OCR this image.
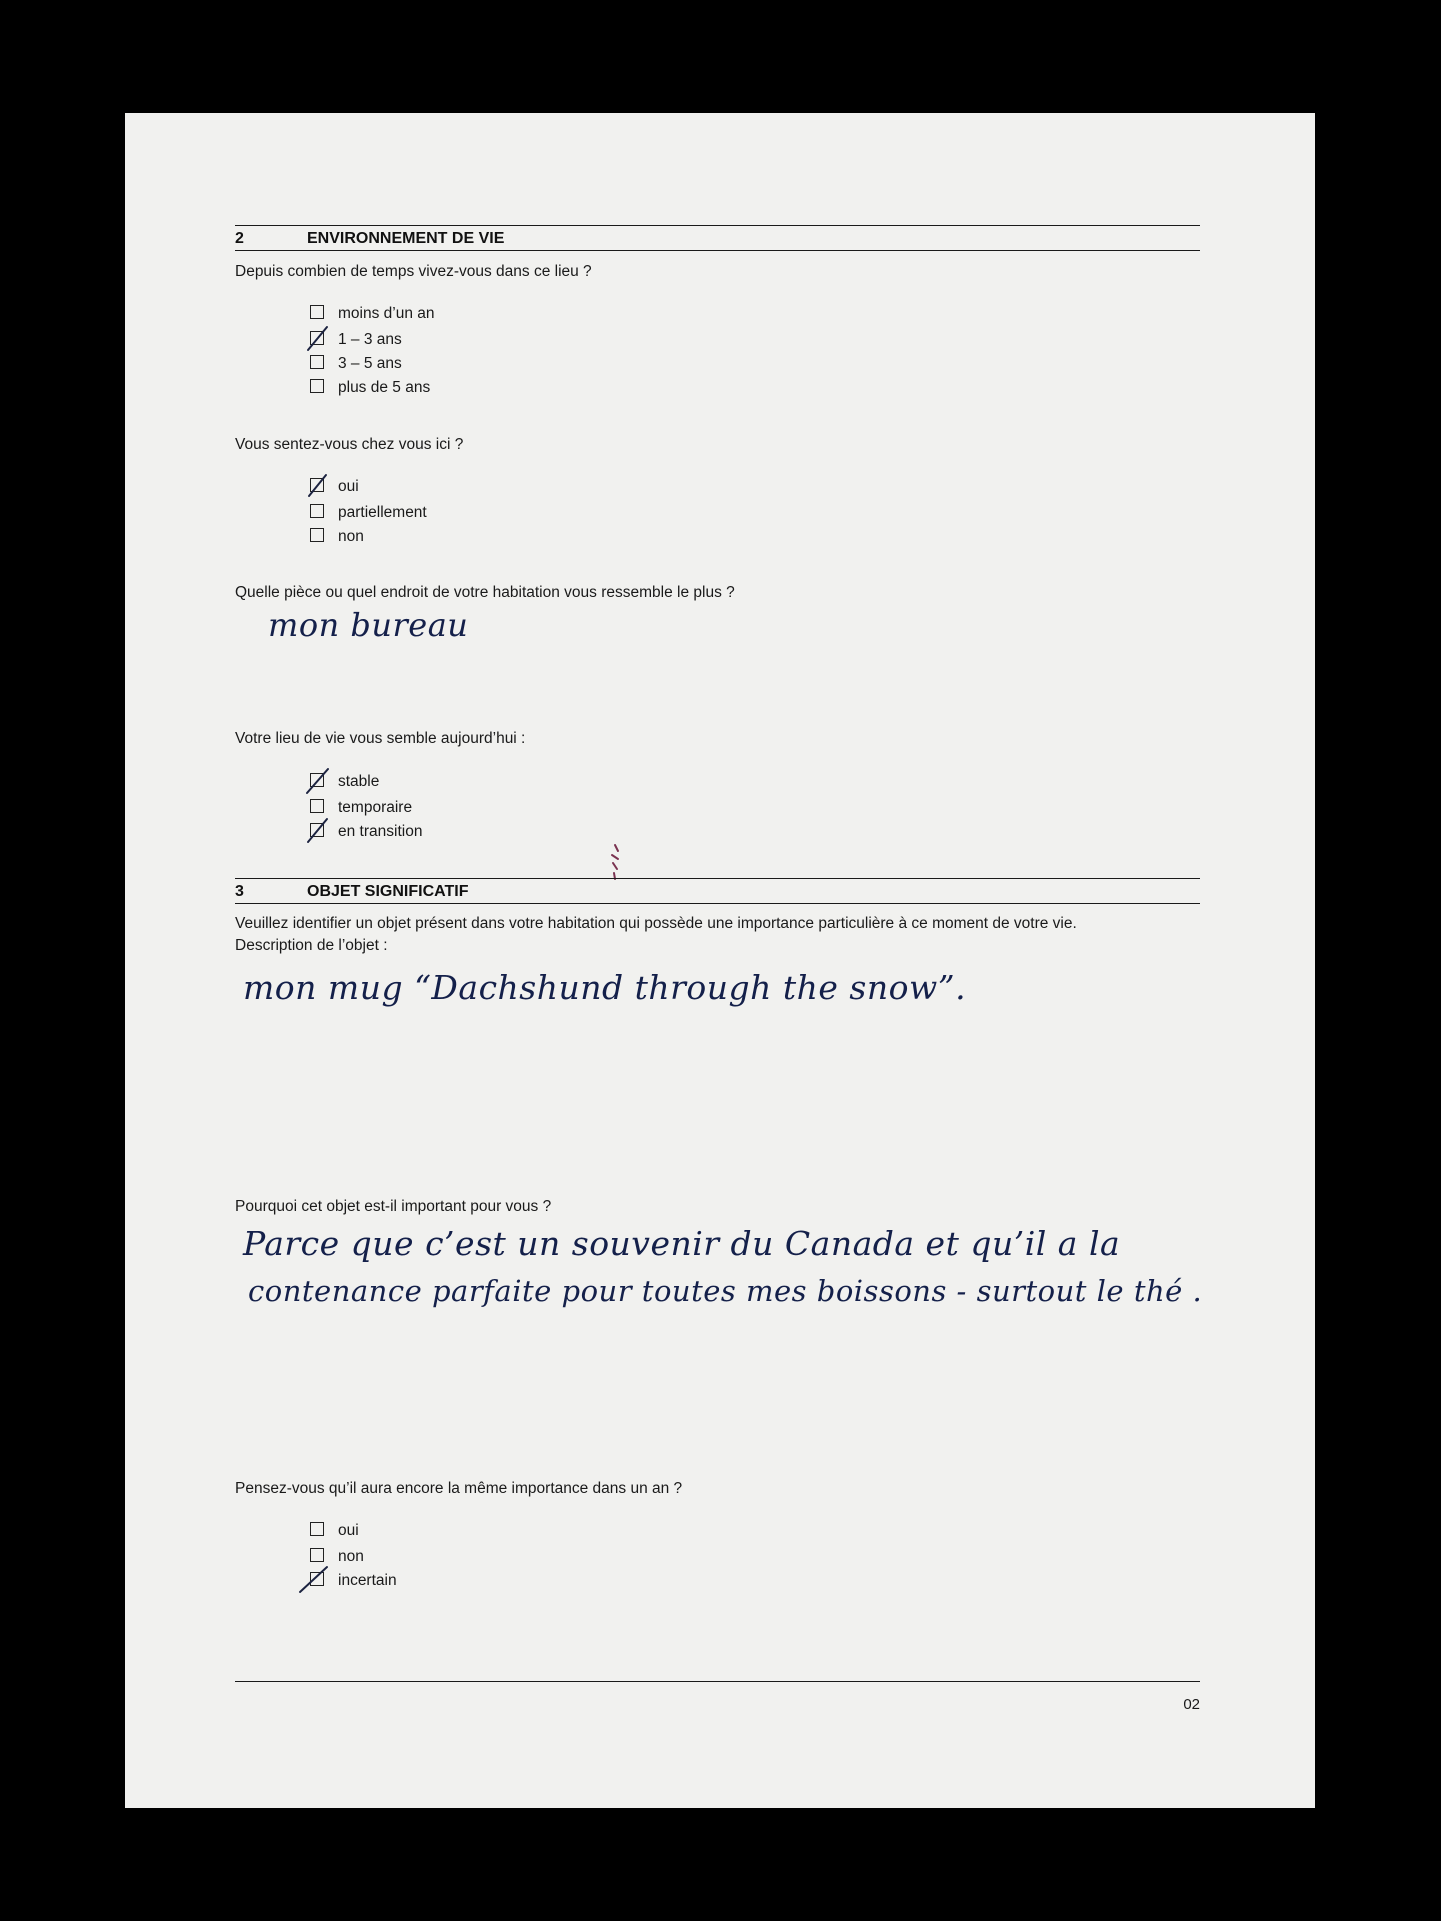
2	ENVIRONNEMENT DE VIE
Depuis combien de temps vivez-vous dans ce lieu ?
moins d’un an
1 – 3 ans
3 – 5 ans
plus de 5 ans
Vous sentez-vous chez vous ici ?
oui
partiellement
non
Quelle pièce ou quel endroit de votre habitation vous ressemble le plus ?
mon bureau
Votre lieu de vie vous semble aujourd’hui :
stable
temporaire
en transition
3	OBJET SIGNIFICATIF
Veuillez identifier un objet présent dans votre habitation qui possède une importance particulière à ce moment de votre vie.
Description de l’objet :
mon mug “Dachshund through the snow”.
Pourquoi cet objet est-il important pour vous ?
Parce que c’est un souvenir du Canada et qu’il a la
contenance parfaite pour toutes mes boissons - surtout le thé .
Pensez-vous qu’il aura encore la même importance dans un an ?
oui
non
incertain
02
